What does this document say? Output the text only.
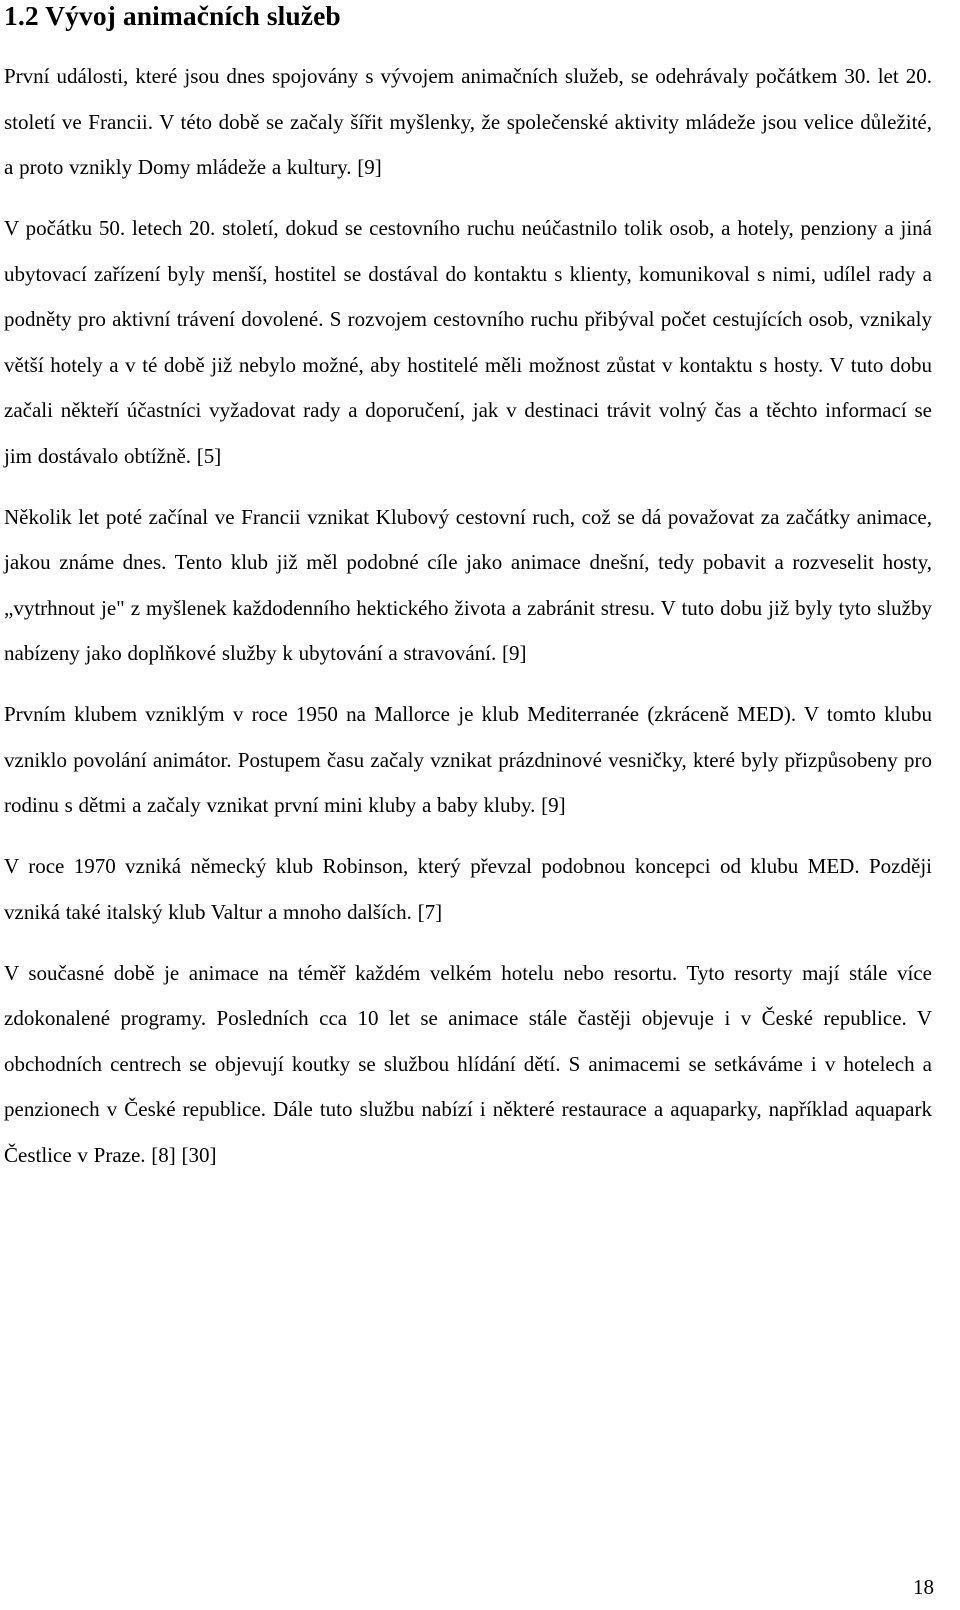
1.2 Vývoj animačních služeb

První události, které jsou dnes spojovány s vývojem animačních služeb, se odehrávaly počátkem 30. let 20. století ve Francii. V této době se začaly šířit myšlenky, že společenské aktivity mládeže jsou velice důležité, a proto vznikly Domy mládeže a kultury. [9]

V počátku 50. letech 20. století, dokud se cestovního ruchu neúčastnilo tolik osob, a hotely, penziony a jiná ubytovací zařízení byly menší, hostitel se dostával do kontaktu s klienty, komunikoval s nimi, udílel rady a podněty pro aktivní trávení dovolené. S rozvojem cestovního ruchu přibýval počet cestujících osob, vznikaly větší hotely a v té době již nebylo možné, aby hostitelé měli možnost zůstat v kontaktu s hosty. V tuto dobu začali někteří účastníci vyžadovat rady a doporučení, jak v destinaci trávit volný čas a těchto informací se jim dostávalo obtížně. [5]

Několik let poté začínal ve Francii vznikat Klubový cestovní ruch, což se dá považovat za začátky animace, jakou známe dnes. Tento klub již měl podobné cíle jako animace dnešní, tedy pobavit a rozveselit hosty, „vytrhnout je" z myšlenek každodenního hektického života a zabránit stresu. V tuto dobu již byly tyto služby nabízeny jako doplňkové služby k ubytování a stravování. [9]

Prvním klubem vzniklým v roce 1950 na Mallorce je klub Mediterranée (zkráceně MED). V tomto klubu vzniklo povolání animátor. Postupem času začaly vznikat prázdninové vesničky, které byly přizpůsobeny pro rodinu s dětmi a začaly vznikat první mini kluby a baby kluby. [9]

V roce 1970 vzniká německý klub Robinson, který převzal podobnou koncepci od klubu MED. Později vzniká také italský klub Valtur a mnoho dalších. [7]

V současné době je animace na téměř každém velkém hotelu nebo resortu. Tyto resorty mají stále více zdokonalené programy. Posledních cca 10 let se animace stále častěji objevuje i v České republice. V obchodních centrech se objevují koutky se službou hlídání dětí. S animacemi se setkáváme i v hotelech a penzionech v České republice. Dále tuto službu nabízí i některé restaurace a aquaparky, například aquapark Čestlice v Praze. [8] [30]

18
